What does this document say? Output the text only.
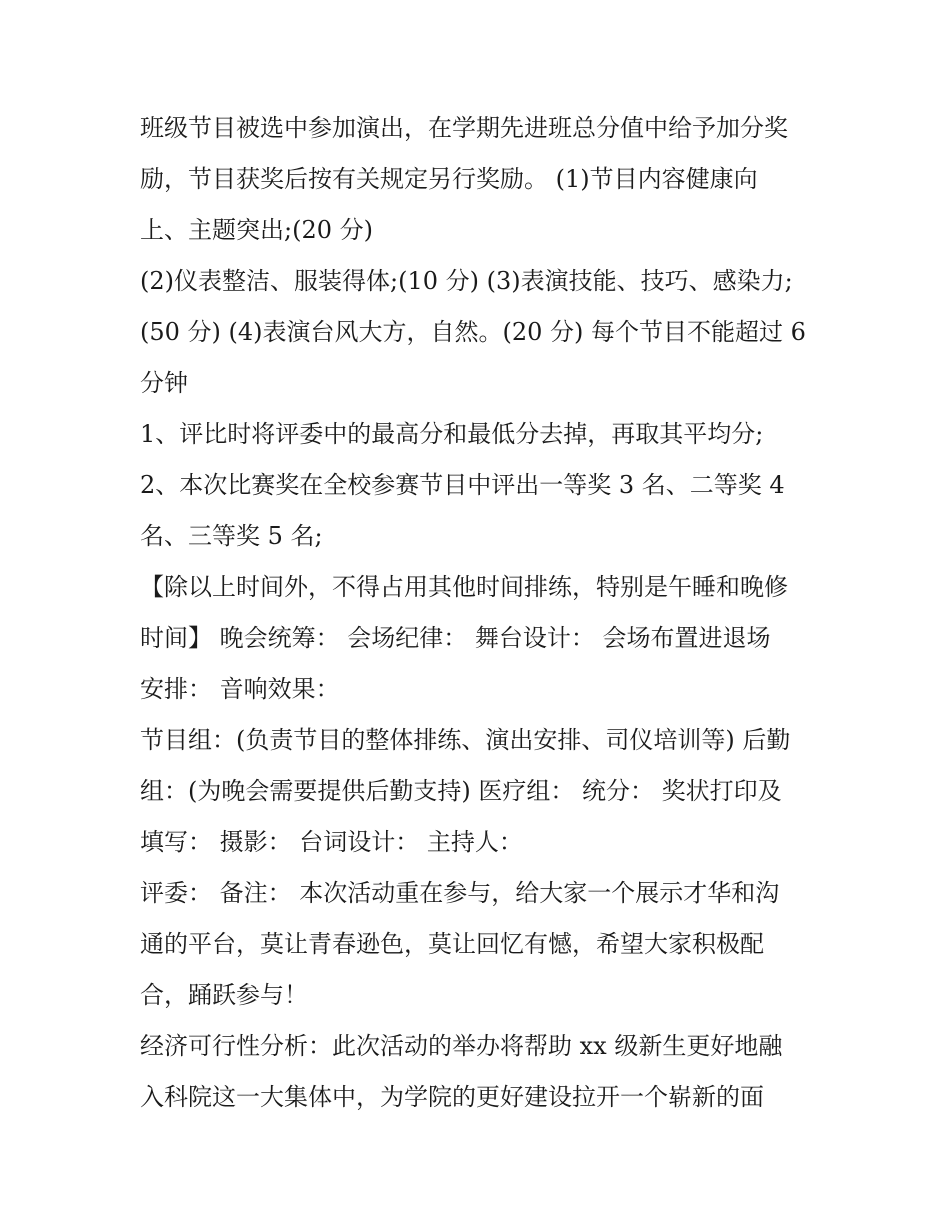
班级节目被选中参加演出，在学期先进班总分值中给予加分奖
励，节目获奖后按有关规定另行奖励。 (1)节目内容健康向
上、主题突出;(20 分)
(2)仪表整洁、服装得体;(10 分) (3)表演技能、技巧、感染力;
(50 分) (4)表演台风大方，自然。(20 分) 每个节目不能超过 6
分钟
1、评比时将评委中的最高分和最低分去掉，再取其平均分;
2、本次比赛奖在全校参赛节目中评出一等奖 3 名、二等奖 4
名、三等奖 5 名;
【除以上时间外，不得占用其他时间排练，特别是午睡和晚修
时间】 晚会统筹： 会场纪律： 舞台设计： 会场布置进退场
安排： 音响效果：
节目组：(负责节目的整体排练、演出安排、司仪培训等) 后勤
组：(为晚会需要提供后勤支持) 医疗组： 统分： 奖状打印及
填写： 摄影： 台词设计： 主持人：
评委： 备注： 本次活动重在参与，给大家一个展示才华和沟
通的平台，莫让青春逊色，莫让回忆有憾，希望大家积极配
合，踊跃参与！
经济可行性分析：此次活动的举办将帮助 xx 级新生更好地融
入科院这一大集体中，为学院的更好建设拉开一个崭新的面
